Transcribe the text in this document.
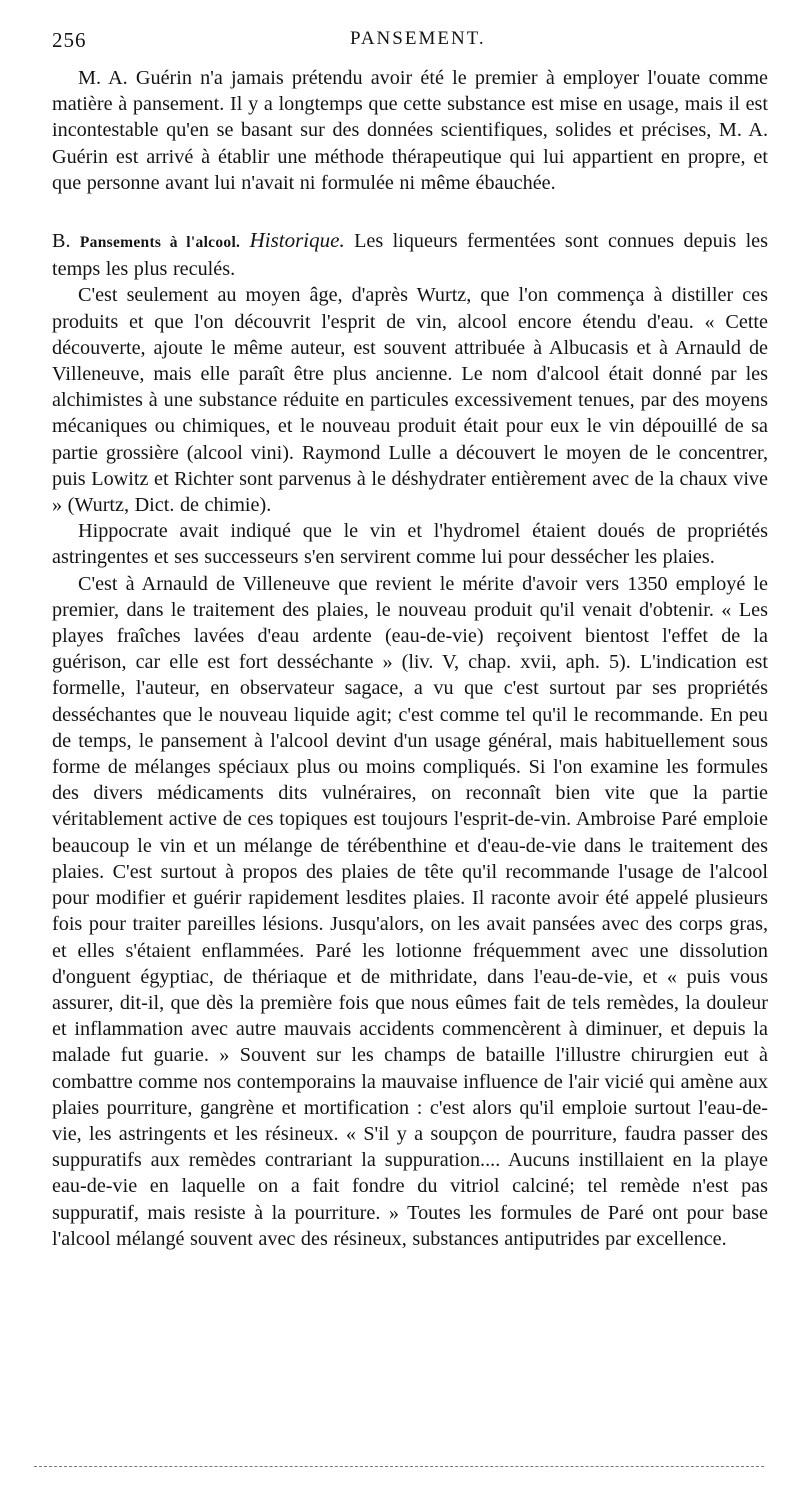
256	PANSEMENT.

M. A. Guérin n'a jamais prétendu avoir été le premier à employer l'ouate comme matière à pansement. Il y a longtemps que cette substance est mise en usage, mais il est incontestable qu'en se basant sur des données scientifiques, solides et précises, M. A. Guérin est arrivé à établir une méthode thérapeutique qui lui appartient en propre, et que personne avant lui n'avait ni formulée ni même ébauchée.

B. Pansements à l'alcool. Historique. Les liqueurs fermentées sont connues depuis les temps les plus reculés.

C'est seulement au moyen âge, d'après Wurtz, que l'on commença à distiller ces produits et que l'on découvrit l'esprit de vin, alcool encore étendu d'eau. « Cette découverte, ajoute le même auteur, est souvent attribuée à Albucasis et à Arnauld de Villeneuve, mais elle paraît être plus ancienne. Le nom d'alcool était donné par les alchimistes à une substance réduite en particules excessivement tenues, par des moyens mécaniques ou chimiques, et le nouveau produit était pour eux le vin dépouillé de sa partie grossière (alcool vini). Raymond Lulle a découvert le moyen de le concentrer, puis Lowitz et Richter sont parvenus à le déshydrater entièrement avec de la chaux vive » (Wurtz, Dict. de chimie).

Hippocrate avait indiqué que le vin et l'hydromel étaient doués de propriétés astringentes et ses successeurs s'en servirent comme lui pour dessécher les plaies.

C'est à Arnauld de Villeneuve que revient le mérite d'avoir vers 1350 employé le premier, dans le traitement des plaies, le nouveau produit qu'il venait d'obtenir. « Les playes fraîches lavées d'eau ardente (eau-de-vie) reçoivent bientost l'effet de la guérison, car elle est fort desséchante » (liv. V, chap. xvii, aph. 5). L'indication est formelle, l'auteur, en observateur sagace, a vu que c'est surtout par ses propriétés desséchantes que le nouveau liquide agit; c'est comme tel qu'il le recommande. En peu de temps, le pansement à l'alcool devint d'un usage général, mais habituellement sous forme de mélanges spéciaux plus ou moins compliqués. Si l'on examine les formules des divers médicaments dits vulnéraires, on reconnaît bien vite que la partie véritablement active de ces topiques est toujours l'esprit-de-vin. Ambroise Paré emploie beaucoup le vin et un mélange de térébenthine et d'eau-de-vie dans le traitement des plaies. C'est surtout à propos des plaies de tête qu'il recommande l'usage de l'alcool pour modifier et guérir rapidement lesdites plaies. Il raconte avoir été appelé plusieurs fois pour traiter pareilles lésions. Jusqu'alors, on les avait pansées avec des corps gras, et elles s'étaient enflammées. Paré les lotionne fréquemment avec une dissolution d'onguent égyptiac, de thériaque et de mithridate, dans l'eau-de-vie, et « puis vous assurer, dit-il, que dès la première fois que nous eûmes fait de tels remèdes, la douleur et inflammation avec autre mauvais accidents commencèrent à diminuer, et depuis la malade fut guarie. » Souvent sur les champs de bataille l'illustre chirurgien eut à combattre comme nos contemporains la mauvaise influence de l'air vicié qui amène aux plaies pourriture, gangrène et mortification : c'est alors qu'il emploie surtout l'eau-de-vie, les astringents et les résineux. « S'il y a soupçon de pourriture, faudra passer des suppuratifs aux remèdes contrariant la suppuration.... Aucuns instillaient en la playe eau-de-vie en laquelle on a fait fondre du vitriol calciné; tel remède n'est pas suppuratif, mais resiste à la pourriture. » Toutes les formules de Paré ont pour base l'alcool mélangé souvent avec des résineux, substances antiputrides par excellence.
